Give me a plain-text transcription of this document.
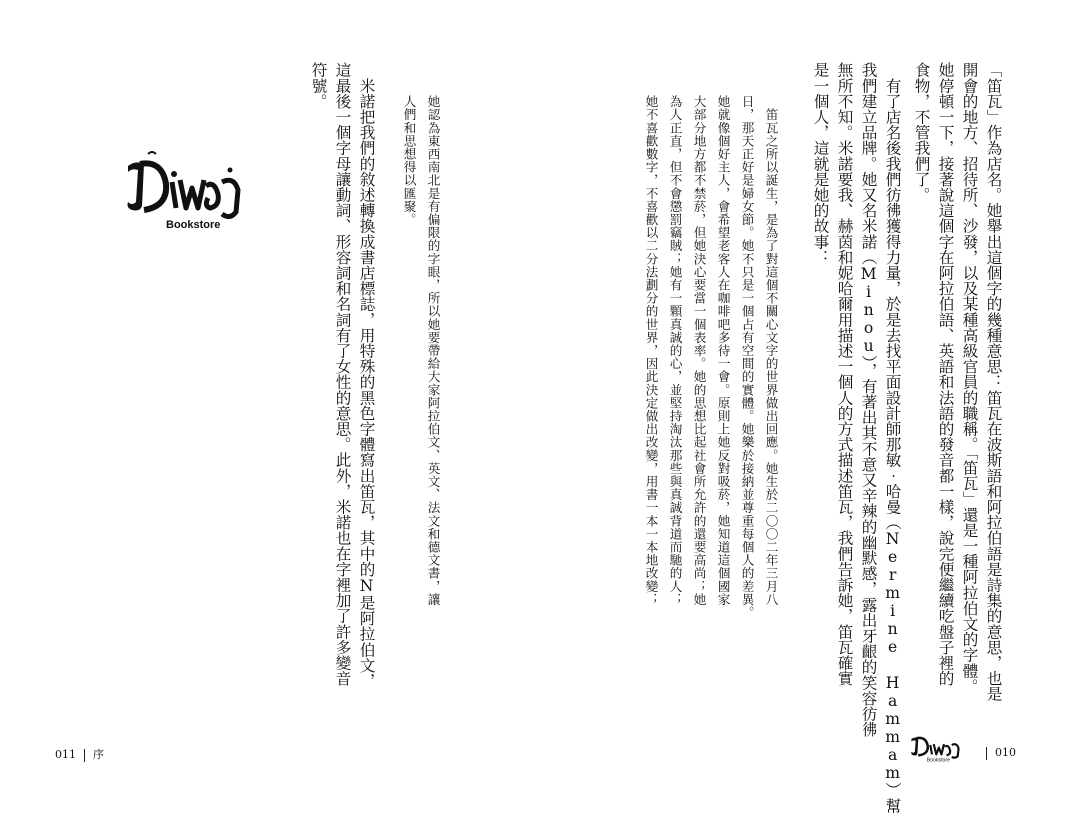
「笛瓦」作為店名。她舉出這個字的幾種意思：笛瓦在波斯語和阿拉伯語是詩集的意思，也是
開會的地方、招待所、沙發，以及某種高級官員的職稱。「笛瓦」還是一種阿拉伯文的字體。
她停頓一下，接著說這個字在阿拉伯語、英語和法語的發音都一樣，說完便繼續吃盤子裡的
食物，不管我們了。
　有了店名後我們彷彿獲得力量，於是去找平面設計師那敏‧哈曼（Nermine Hammam）幫
我們建立品牌。她又名米諾（Minou），有著出其不意又辛辣的幽默感，露出牙齦的笑容彷彿
無所不知。米諾要我、赫茵和妮哈爾用描述一個人的方式描述笛瓦，我們告訴她，笛瓦確實
是一個人，這就是她的故事：
　笛瓦之所以誕生，是為了對這個不關心文字的世界做出回應。她生於二〇〇二年三月八
日，那天正好是婦女節。她不只是一個占有空間的實體。她樂於接納並尊重每個人的差異。
她就像個好主人，會希望老客人在咖啡吧多待一會。原則上她反對吸菸，她知道這個國家
大部分地方都不禁菸，但她決心要當一個表率。她的思想比起社會所允許的還要高尚；她
為人正直，但不會懲罰竊賊；她有一顆真誠的心，並堅持淘汰那些與真誠背道而馳的人；
她不喜歡數字，不喜歡以二分法劃分的世界，因此決定做出改變，用書一本一本地改變；
她認為東西南北是有偏限的字眼，所以她要帶給大家阿拉伯文、英文、法文和德文書，讓
人們和思想得以匯聚。
　米諾把我們的敘述轉換成書店標誌，用特殊的黑色字體寫出笛瓦，其中的N是阿拉伯文，
這最後一個字母讓動詞、形容詞和名詞有了女性的意思。此外，米諾也在字裡加了許多變音
符號。
Bookstore
Bookstore
010
011 序
